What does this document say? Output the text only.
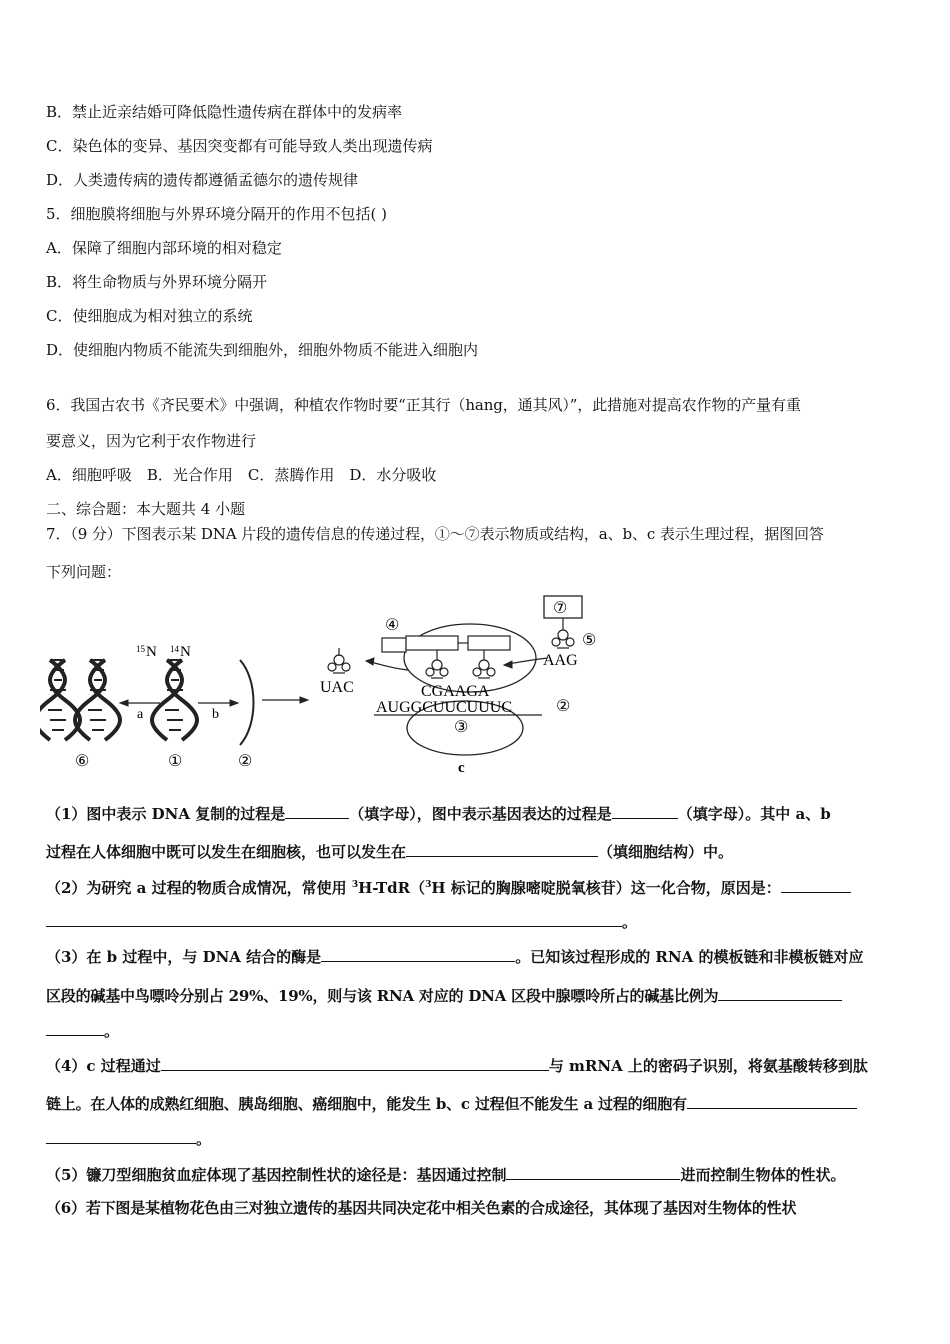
B．禁止近亲结婚可降低隐性遗传病在群体中的发病率
C．染色体的变异、基因突变都有可能导致人类出现遗传病
D．人类遗传病的遗传都遵循孟德尔的遗传规律
5．细胞膜将细胞与外界环境分隔开的作用不包括( )
A．保障了细胞内部环境的相对稳定
B．将生命物质与外界环境分隔开
C．使细胞成为相对独立的系统
D．使细胞内物质不能流失到细胞外，细胞外物质不能进入细胞内
6．我国古农书《齐民要术》中强调，种植农作物时要“正其行（hang，通其风）”，此措施对提高农作物的产量有重
要意义，因为它利于农作物进行
A．细胞呼吸　B．光合作用　C．蒸腾作用　D．水分吸收
二、综合题：本大题共 4 小题
7．（9 分）下图表示某 DNA 片段的遗传信息的传递过程，①～⑦表示物质或结构，a、b、c 表示生理过程，据图回答
下列问题：
15 N 14 N
a	b
⑥	①	②
④
UAC
⑦
⑤
AAG
CGAAGA
AUGGCUUCUUUC	②
③
c
（1）图中表示 DNA 复制的过程是	（填字母），图中表示基因表达的过程是	（填字母）。其中 a、b
过程在人体细胞中既可以发生在细胞核，也可以发生在	（填细胞结构）中。
（2）为研究 a 过程的物质合成情况，常使用 $^3$H-TdR（$^3$H 标记的胸腺嘧啶脱氧核苷）这一化合物，原因是：
。
（3）在 b 过程中，与 DNA 结合的酶是	。已知该过程形成的 RNA 的模板链和非模板链对应
区段的碱基中鸟嘌呤分别占 29%、19%，则与该 RNA 对应的 DNA 区段中腺嘌呤所占的碱基比例为
。
（4）c 过程通过	与 mRNA 上的密码子识别，将氨基酸转移到肽
链上。在人体的成熟红细胞、胰岛细胞、癌细胞中，能发生 b、c 过程但不能发生 a 过程的细胞有
。
（5）镰刀型细胞贫血症体现了基因控制性状的途径是：基因通过控制	进而控制生物体的性状。
（6）若下图是某植物花色由三对独立遗传的基因共同决定花中相关色素的合成途径，其体现了基因对生物体的性状
